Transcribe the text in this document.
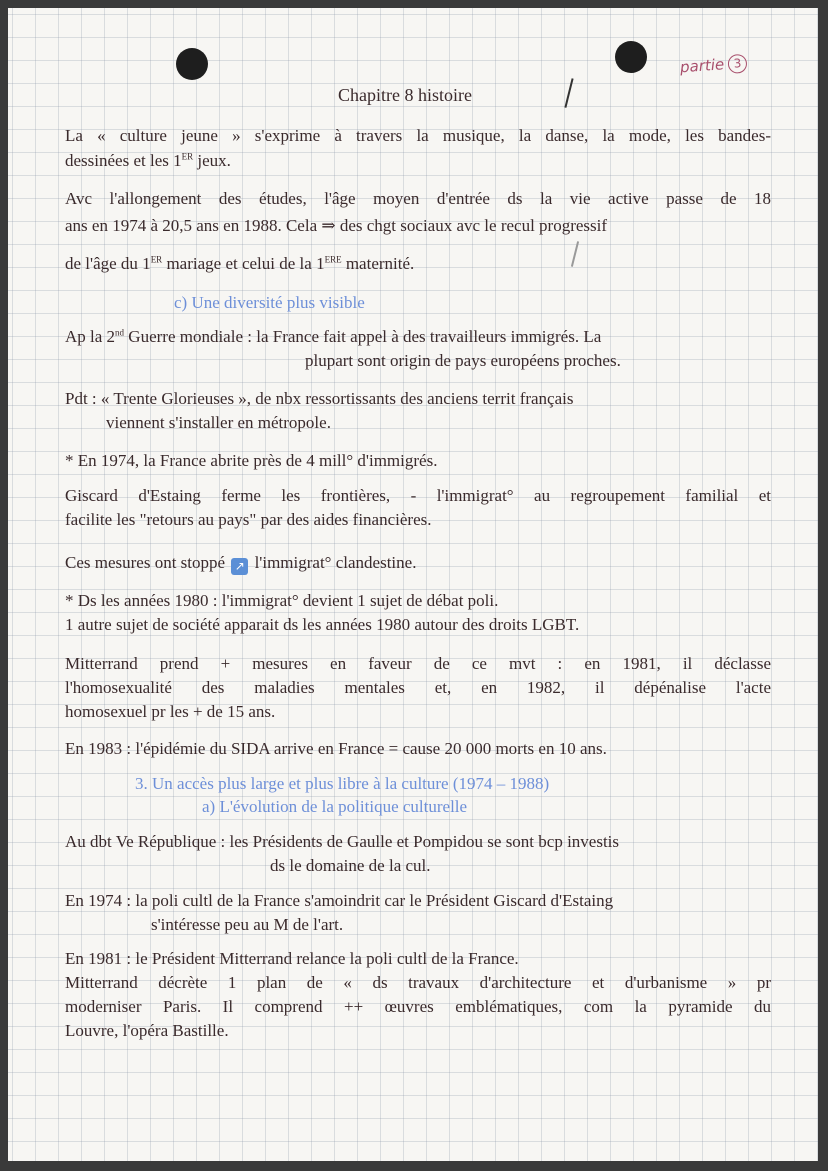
partie 3
Chapitre 8 histoire
La « culture jeune » s'exprime à travers la musique, la danse, la mode, les bandes-
dessinées et les 1ER jeux.
Avc l'allongement des études, l'âge moyen d'entrée ds la vie active passe de 18
ans en 1974 à 20,5 ans en 1988. Cela ⇒ des chgt sociaux avc le recul progressif
de l'âge du 1ER mariage et celui de la 1ERE maternité.
c) Une diversité plus visible
Ap la 2nd Guerre mondiale : la France fait appel à des travailleurs immigrés. La
plupart sont origin de pays européens proches.
Pdt : « Trente Glorieuses », de nbx ressortissants des anciens territ français
viennent s'installer en métropole.
* En 1974, la France abrite près de 4 mill° d'immigrés.
Giscard d'Estaing ferme les frontières, - l'immigrat° au regroupement familial et
facilite les "retours au pays" par des aides financières.
Ces mesures ont stoppé ↗ l'immigrat° clandestine.
* Ds les années 1980 : l'immigrat° devient 1 sujet de débat poli.
1 autre sujet de société apparait ds les années 1980 autour des droits LGBT.
Mitterrand prend + mesures en faveur de ce mvt : en 1981, il déclasse
l'homosexualité des maladies mentales et, en 1982, il dépénalise l'acte
homosexuel pr les + de 15 ans.
En 1983 : l'épidémie du SIDA arrive en France = cause 20 000 morts en 10 ans.
3. Un accès plus large et plus libre à la culture (1974 – 1988)
a) L'évolution de la politique culturelle
Au dbt Ve République : les Présidents de Gaulle et Pompidou se sont bcp investis
ds le domaine de la cul.
En 1974 : la poli cultl de la France s'amoindrit car le Président Giscard d'Estaing
s'intéresse peu au M de l'art.
En 1981 : le Président Mitterrand relance la poli cultl de la France.
Mitterrand décrète 1 plan de « ds travaux d'architecture et d'urbanisme » pr
moderniser Paris. Il comprend ++ œuvres emblématiques, com la pyramide du
Louvre, l'opéra Bastille.
